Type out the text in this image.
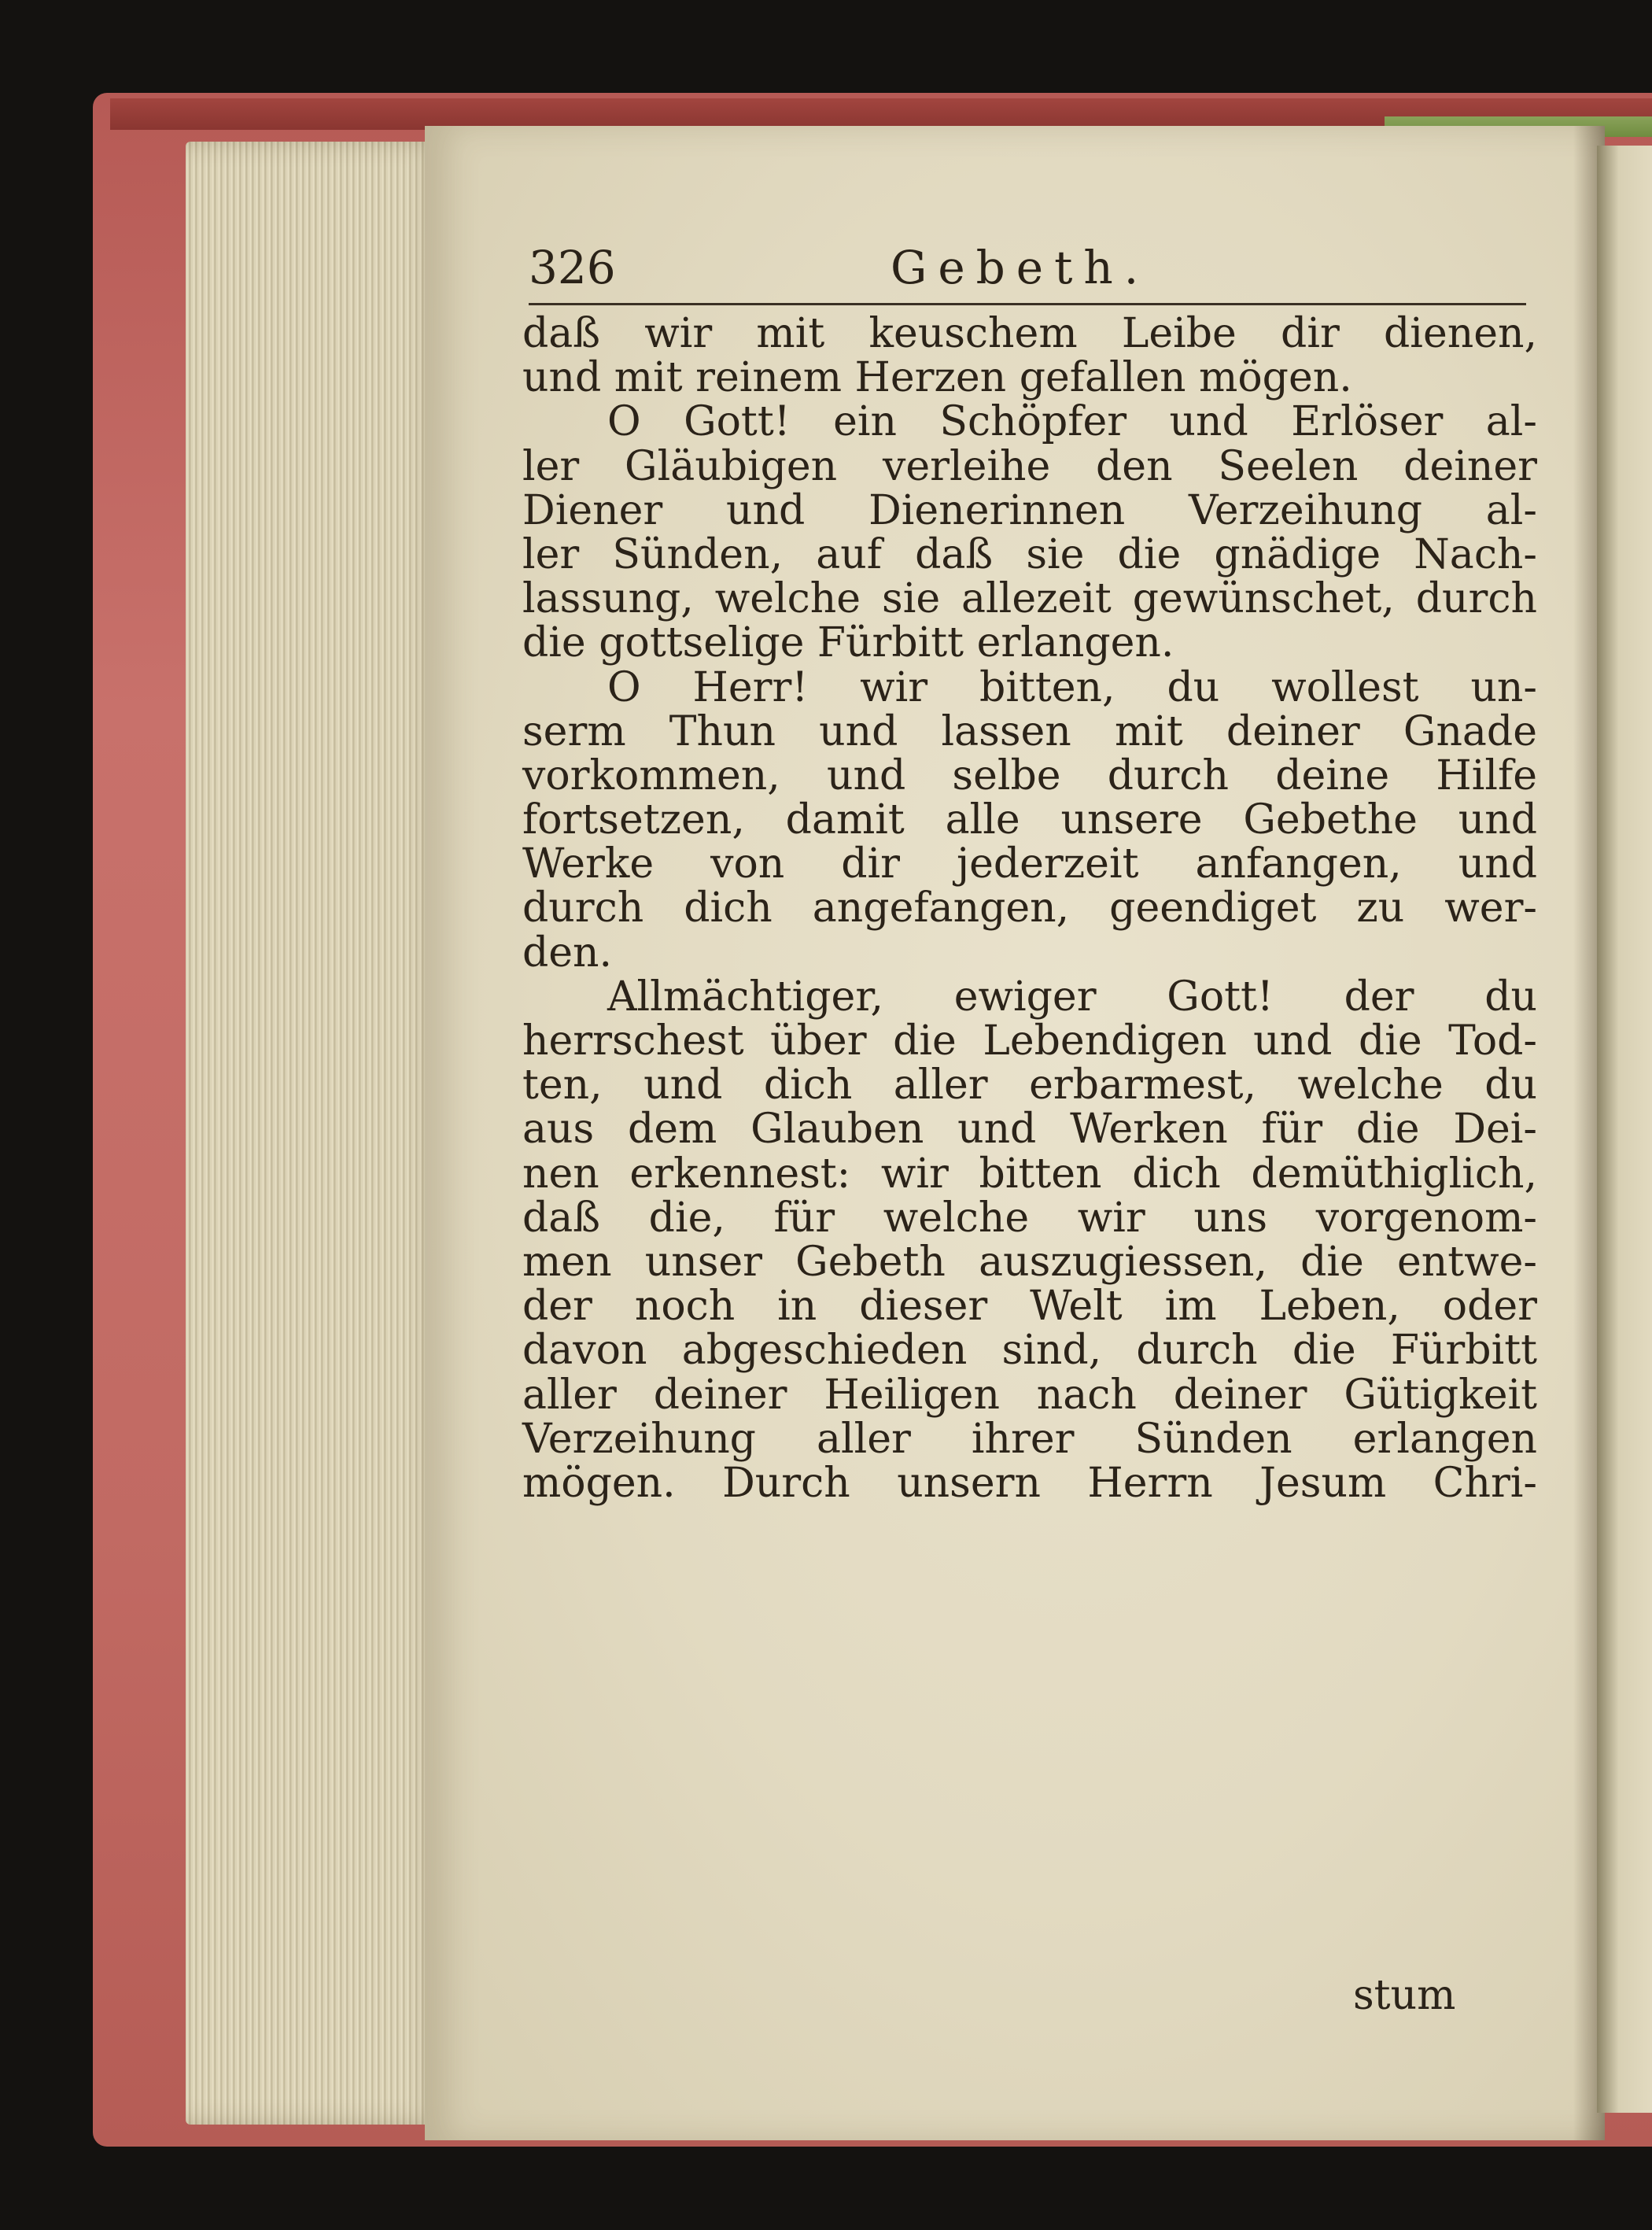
326	Gebeth.
daß wir mit keuschem Leibe dir dienen,
und mit reinem Herzen gefallen mögen.
O Gott! ein Schöpfer und Erlöser al-
ler Gläubigen verleihe den Seelen deiner
Diener und Dienerinnen Verzeihung al-
ler Sünden, auf daß sie die gnädige Nach-
lassung, welche sie allezeit gewünschet, durch
die gottselige Fürbitt erlangen.
O Herr! wir bitten, du wollest un-
serm Thun und lassen mit deiner Gnade
vorkommen, und selbe durch deine Hilfe
fortsetzen, damit alle unsere Gebethe und
Werke von dir jederzeit anfangen, und
durch dich angefangen, geendiget zu wer-
den.
Allmächtiger, ewiger Gott! der du
herrschest über die Lebendigen und die Tod-
ten, und dich aller erbarmest, welche du
aus dem Glauben und Werken für die Dei-
nen erkennest: wir bitten dich demüthiglich,
daß die, für welche wir uns vorgenom-
men unser Gebeth auszugiessen, die entwe-
der noch in dieser Welt im Leben, oder
davon abgeschieden sind, durch die Fürbitt
aller deiner Heiligen nach deiner Gütigkeit
Verzeihung aller ihrer Sünden erlangen
mögen. Durch unsern Herrn Jesum Chri-
stum
